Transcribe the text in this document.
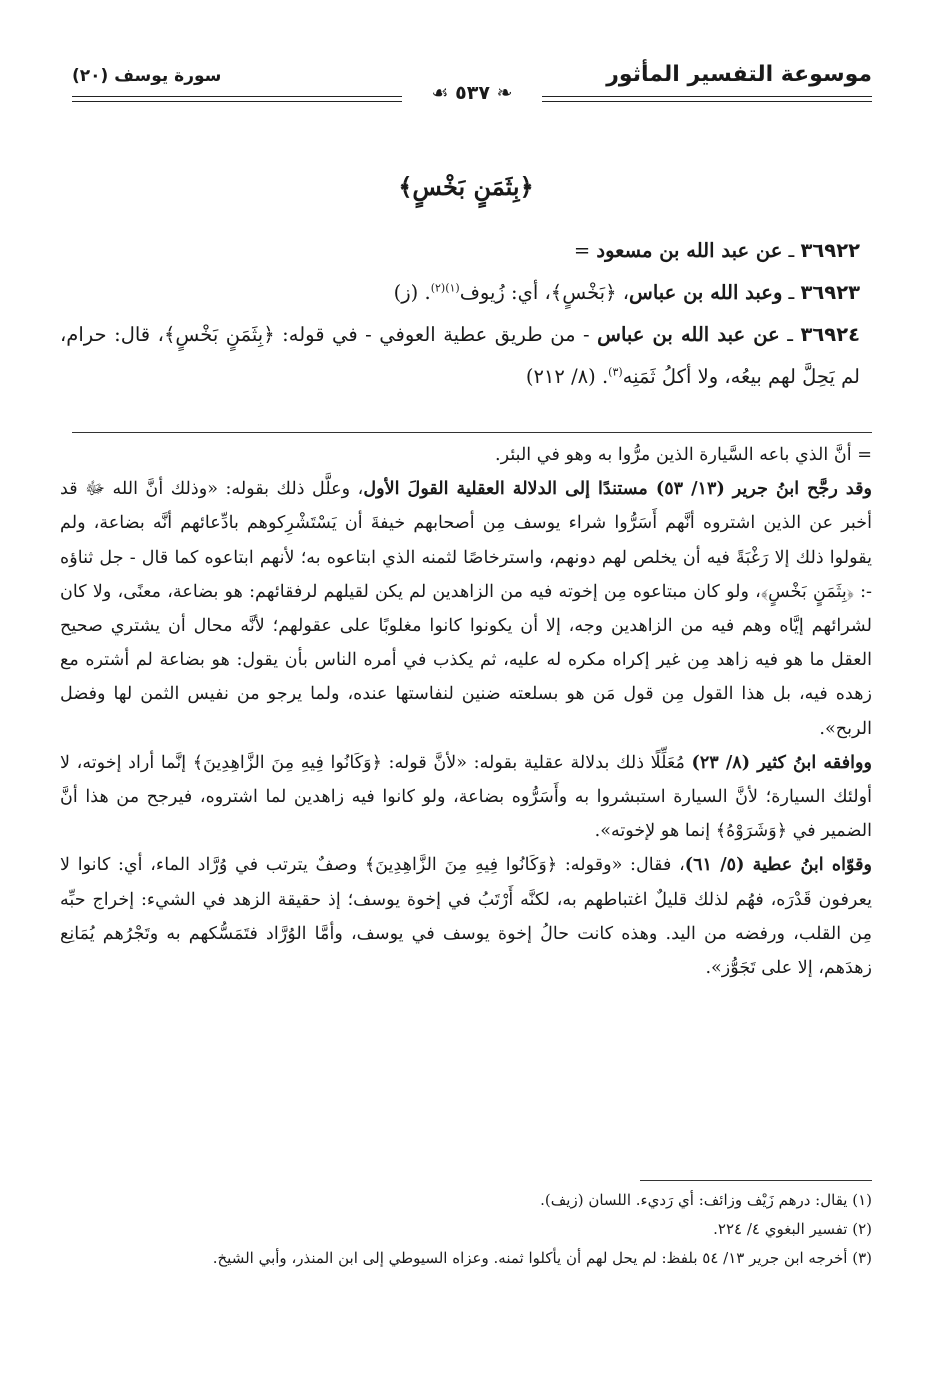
موسوعة التفسير المأثور
سورة يوسف (٢٠)
❧ ٥٣٧ ☙
﴿بِثَمَنٍ بَخْسٍ﴾
٣٦٩٢٢ ـ عن عبد الله بن مسعود =
٣٦٩٢٣ ـ وعبد الله بن عباس، ﴿بَخْسٍ﴾، أي: زُيوف$^{(١)(٢)}$. (ز)
٣٦٩٢٤ ـ عن عبد الله بن عباس - من طريق عطية العوفي - في قوله: ﴿بِثَمَنٍ بَخْسٍ﴾، قال: حرام، لم يَحِلَّ لهم بيعُه، ولا أكلُ ثَمَنِه$^{(٣)}$. (٨/ ٢١٢)

= أنَّ الذي باعه السَّيارة الذين مرُّوا به وهو في البئر.

وقد رجَّح ابنُ جرير (١٣/ ٥٣) مستندًا إلى الدلالة العقلية القولَ الأول، وعلَّل ذلك بقوله: «وذلك أنَّ الله ﷻ قد أخبر عن الذين اشتروه أنَّهم أَسَرُّوا شراء يوسف مِن أصحابهم خيفةَ أن يَسْتَشْرِكوهم بادِّعائهم أنَّه بضاعة، ولم يقولوا ذلك إلا رَغْبَةً فيه أن يخلص لهم دونهم، واسترخاصًا لثمنه الذي ابتاعوه به؛ لأنهم ابتاعوه كما قال - جل ثناؤه -: ﴿بِثَمَنٍ بَخْسٍ﴾، ولو كان مبتاعوه مِن إخوته فيه من الزاهدين لم يكن لقيلهم لرفقائهم: هو بضاعة، معنًى، ولا كان لشرائهم إيَّاه وهم فيه من الزاهدين وجه، إلا أن يكونوا كانوا مغلوبًا على عقولهم؛ لأنَّه محال أن يشتري صحيح العقل ما هو فيه زاهد مِن غير إكراه مكره له عليه، ثم يكذب في أمره الناس بأن يقول: هو بضاعة لم أشتره مع زهده فيه، بل هذا القول مِن قول مَن هو بسلعته ضنين لنفاستها عنده، ولما يرجو من نفيس الثمن لها وفضل الربح».

ووافقه ابنُ كثير (٨/ ٢٣) مُعَلِّلًا ذلك بدلالة عقلية بقوله: «لأنَّ قوله: ﴿وَكَانُوا فِيهِ مِنَ الزَّاهِدِينَ﴾ إنَّما أراد إخوته، لا أولئك السيارة؛ لأنَّ السيارة استبشروا به وأَسَرُّوه بضاعة، ولو كانوا فيه زاهدين لما اشتروه، فيرجح من هذا أنَّ الضمير في ﴿وَشَرَوْهُ﴾ إنما هو لإخوته».

وقوّاه ابنُ عطية (٥/ ٦١)، فقال: «وقوله: ﴿وَكَانُوا فِيهِ مِنَ الزَّاهِدِينَ﴾ وصفٌ يترتب في وُرَّاد الماء، أي: كانوا لا يعرفون قَدْرَه، فهُم لذلك قليلٌ اغتباطهم به، لكنَّه أَرْتَبُ في إخوة يوسف؛ إذ حقيقة الزهد في الشيء: إخراج حبِّه مِن القلب، ورفضه من اليد. وهذه كانت حالُ إخوة يوسف في يوسف، وأمَّا الوُرَّاد فتَمَسُّكهم به وتَجْرُهم يُمَانِع زهدَهم، إلا على تَجَوُّز».

(١) يقال: درهم زَيْف وزائف: أي رَديء. اللسان (زيف).

(٢) تفسير البغوي ٤/ ٢٢٤.

(٣) أخرجه ابن جرير ١٣/ ٥٤ بلفظ: لم يحل لهم أن يأكلوا ثمنه. وعزاه السيوطي إلى ابن المنذر، وأبي الشيخ.
